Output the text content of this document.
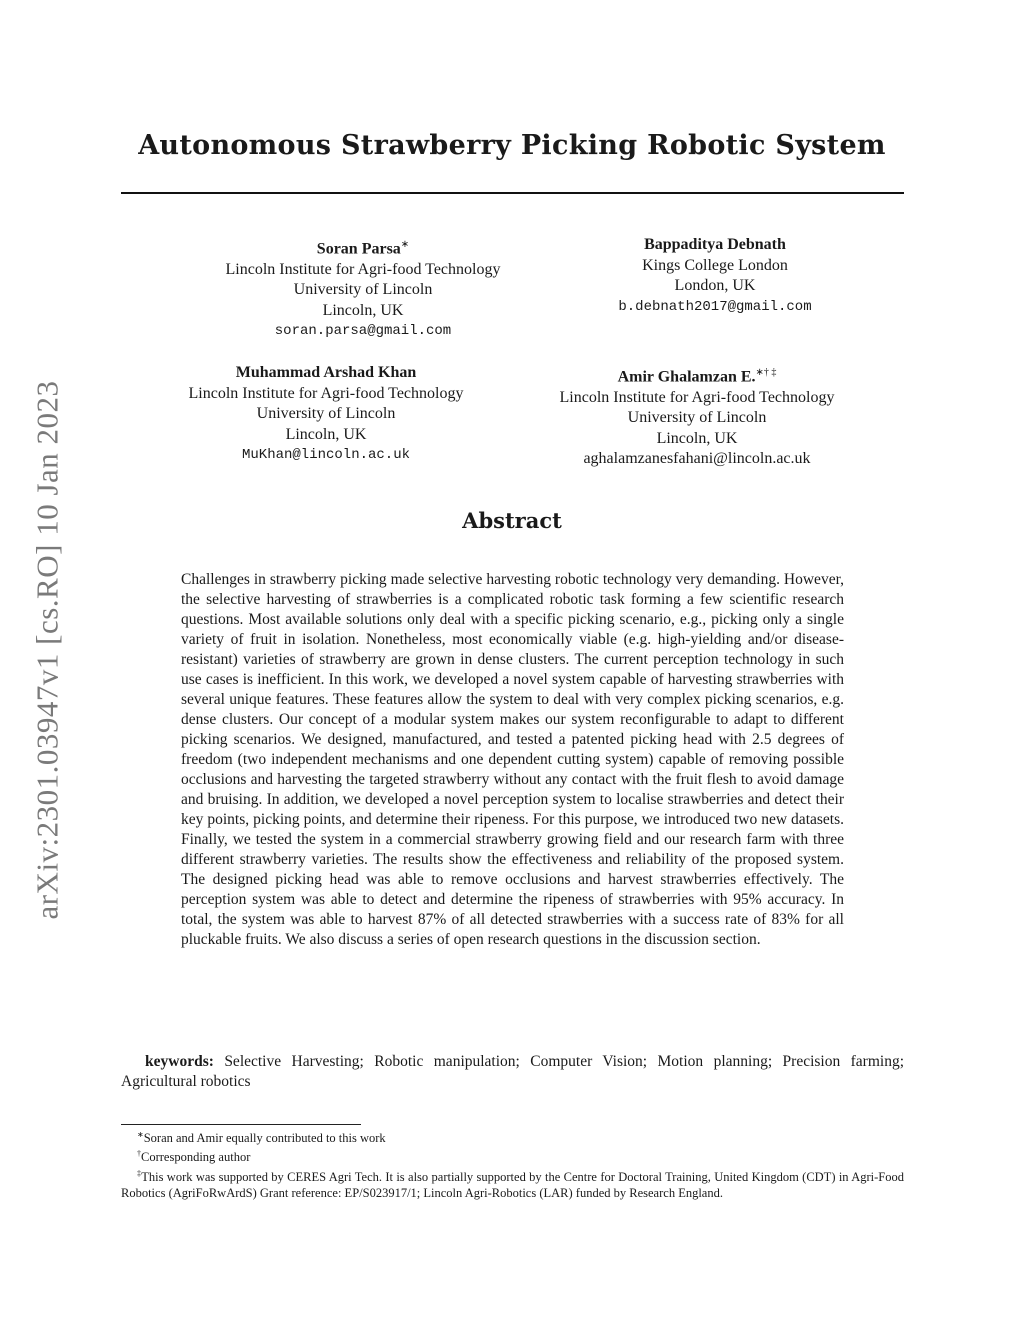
arXiv:2301.03947v1 [cs.RO] 10 Jan 2023
Autonomous Strawberry Picking Robotic System
Soran Parsa∗
Lincoln Institute for Agri-food Technology
University of Lincoln
Lincoln, UK
soran.parsa@gmail.com
Bappaditya Debnath
Kings College London
London, UK
b.debnath2017@gmail.com
Muhammad Arshad Khan
Lincoln Institute for Agri-food Technology
University of Lincoln
Lincoln, UK
MuKhan@lincoln.ac.uk
Amir Ghalamzan E.∗† ‡
Lincoln Institute for Agri-food Technology
University of Lincoln
Lincoln, UK
aghalamzanesfahani@lincoln.ac.uk
Abstract
Challenges in strawberry picking made selective harvesting robotic technology very demanding. However, the selective harvesting of strawberries is a complicated robotic task forming a few scientific research questions. Most available solutions only deal with a specific picking scenario, e.g., picking only a single variety of fruit in isolation. Nonetheless, most economically viable (e.g. high-yielding and/or disease-resistant) varieties of strawberry are grown in dense clusters. The current perception technology in such use cases is inefficient. In this work, we developed a novel system capable of harvesting strawberries with several unique features. These features allow the system to deal with very complex picking scenarios, e.g. dense clusters. Our concept of a modular system makes our system reconfigurable to adapt to different picking scenarios. We designed, manufactured, and tested a patented picking head with 2.5 degrees of freedom (two independent mechanisms and one dependent cutting system) capable of removing possible occlusions and harvesting the targeted strawberry without any contact with the fruit flesh to avoid damage and bruising. In addition, we developed a novel perception system to localise strawberries and detect their key points, picking points, and determine their ripeness. For this purpose, we introduced two new datasets. Finally, we tested the system in a commercial strawberry growing field and our research farm with three different strawberry varieties. The results show the effectiveness and reliability of the proposed system. The designed picking head was able to remove occlusions and harvest strawberries effectively. The perception system was able to detect and determine the ripeness of strawberries with 95% accuracy. In total, the system was able to harvest 87% of all detected strawberries with a success rate of 83% for all pluckable fruits. We also discuss a series of open research questions in the discussion section.
keywords: Selective Harvesting; Robotic manipulation; Computer Vision; Motion planning; Precision farming; Agricultural robotics

∗Soran and Amir equally contributed to this work

†Corresponding author

‡This work was supported by CERES Agri Tech. It is also partially supported by the Centre for Doctoral Training, United Kingdom (CDT) in Agri-Food Robotics (AgriFoRwArdS) Grant reference: EP/S023917/1; Lincoln Agri-Robotics (LAR) funded by Research England.
